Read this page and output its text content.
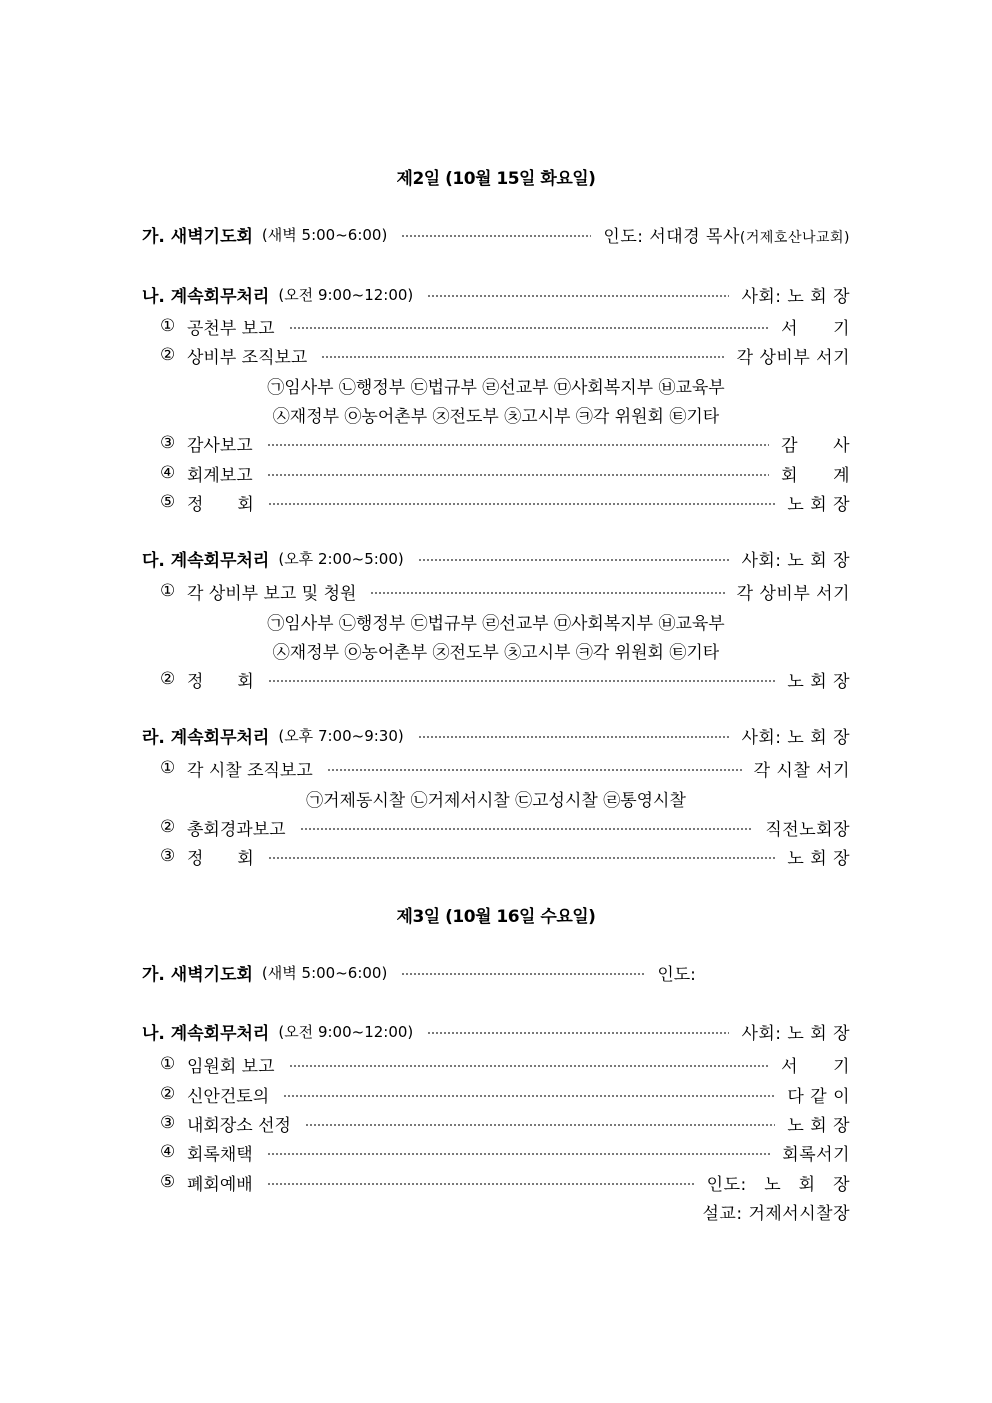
제2일 (10월 15일 화요일)
가. 새벽기도회 (새벽 5:00~6:00)	인도: 서대경 목사(거제호산나교회)
나. 계속회무처리 (오전 9:00~12:00)	사회: 노 회 장
① 공천부 보고	서　　기
② 상비부 조직보고	각 상비부 서기
㉠임사부 ㉡행정부 ㉢법규부 ㉣선교부 ㉤사회복지부 ㉥교육부
㉦재정부 ㉧농어촌부 ㉨전도부 ㉩고시부 ㉪각 위원회 ㉫기타
③ 감사보고	감　　사
④ 회계보고	회　　계
⑤ 정　　회	노 회 장
다. 계속회무처리 (오후 2:00~5:00)	사회: 노 회 장
① 각 상비부 보고 및 청원	각 상비부 서기
㉠임사부 ㉡행정부 ㉢법규부 ㉣선교부 ㉤사회복지부 ㉥교육부
㉦재정부 ㉧농어촌부 ㉨전도부 ㉩고시부 ㉪각 위원회 ㉫기타
② 정　　회	노 회 장
라. 계속회무처리 (오후 7:00~9:30)	사회: 노 회 장
① 각 시찰 조직보고	각 시찰 서기
㉠거제동시찰 ㉡거제서시찰 ㉢고성시찰 ㉣통영시찰
② 총회경과보고	직전노회장
③ 정　　회	노 회 장
제3일 (10월 16일 수요일)
가. 새벽기도회 (새벽 5:00~6:00)	인도:
나. 계속회무처리 (오전 9:00~12:00)	사회: 노 회 장
① 임원회 보고	서　　기
② 신안건토의	다 같 이
③ 내회장소 선정	노 회 장
④ 회록채택	회록서기
⑤ 폐회예배	인도:　노　회　장
설교: 거제서시찰장
